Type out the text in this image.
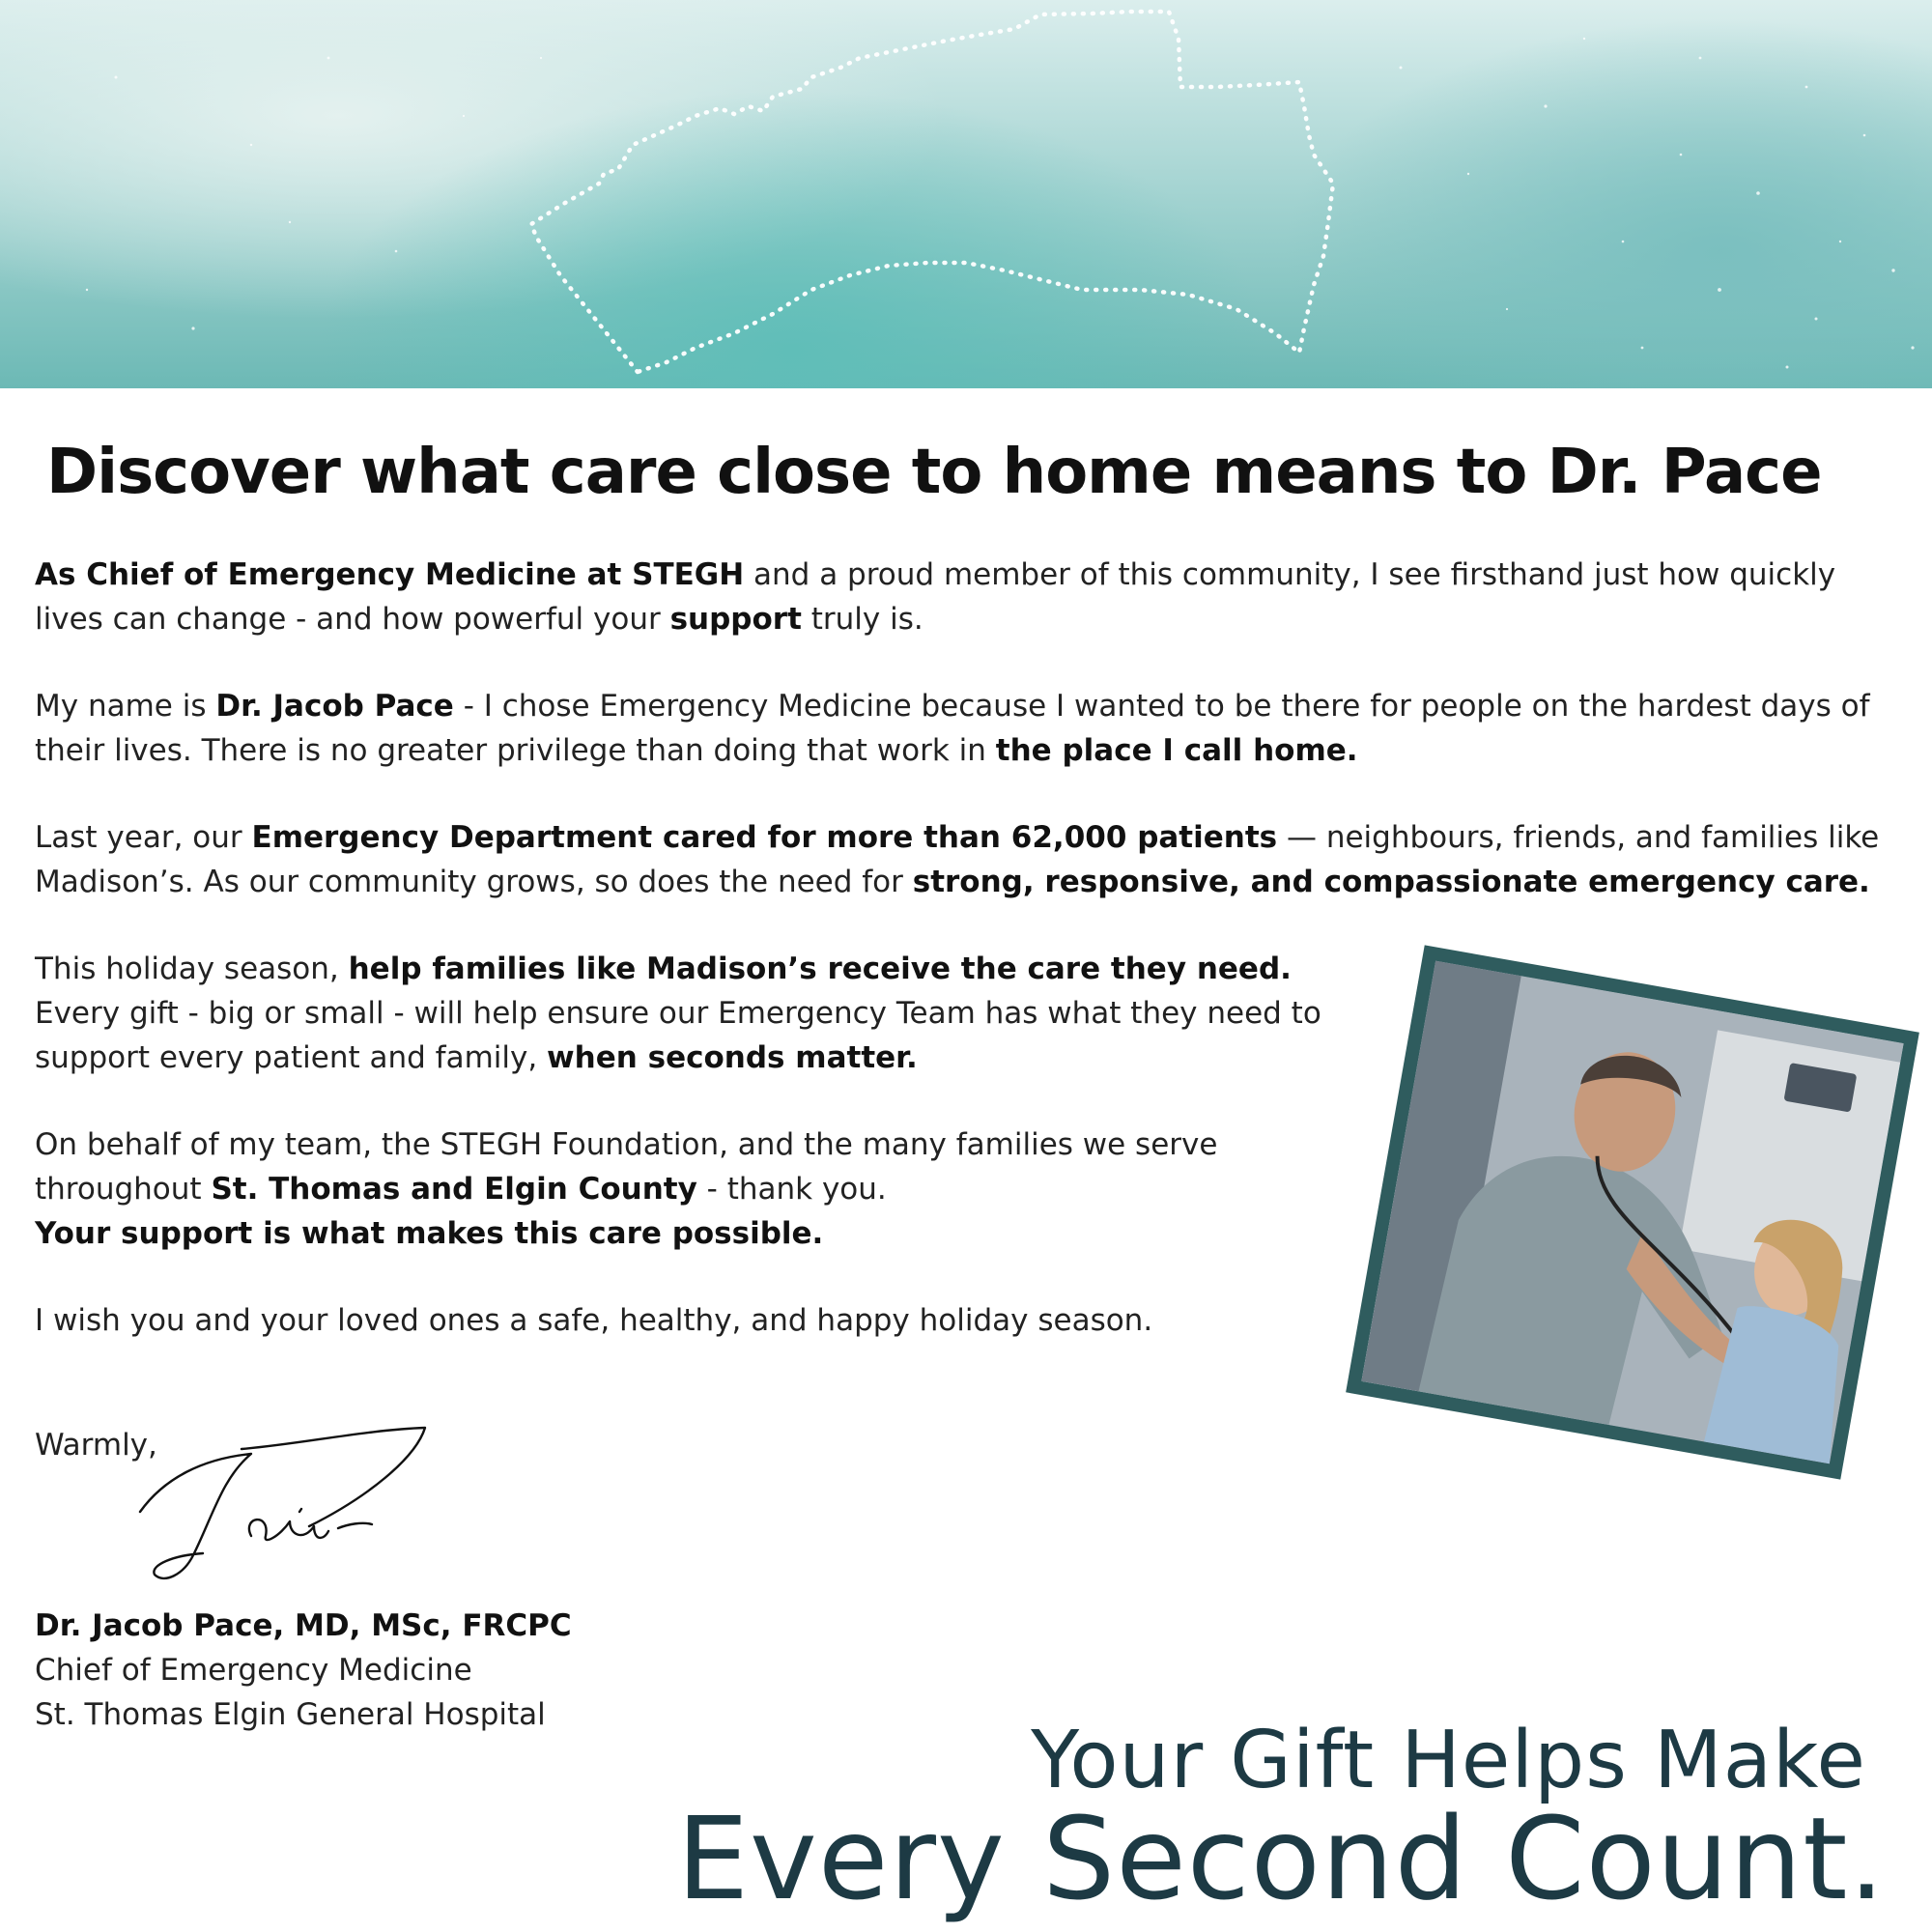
Discover what care close to home means to Dr. Pace

As Chief of Emergency Medicine at STEGH and a proud member of this community, I see firsthand just how quickly lives can change - and how powerful your support truly is.

My name is Dr. Jacob Pace - I chose Emergency Medicine because I wanted to be there for people on the hardest days of their lives. There is no greater privilege than doing that work in the place I call home.

Last year, our Emergency Department cared for more than 62,000 patients — neighbours, friends, and families like Madison’s. As our community grows, so does the need for strong, responsive, and compassionate emergency care.

This holiday season, help families like Madison’s receive the care they need. Every gift - big or small - will help ensure our Emergency Team has what they need to support every patient and family, when seconds matter.

On behalf of my team, the STEGH Foundation, and the many families we serve throughout St. Thomas and Elgin County - thank you.
Your support is what makes this care possible.

I wish you and your loved ones a safe, healthy, and happy holiday season.

Warmly,
Dr. Jacob Pace, MD, MSc, FRCPC
Chief of Emergency Medicine
St. Thomas Elgin General Hospital	Your Gift Helps Make
Every Second Count.
